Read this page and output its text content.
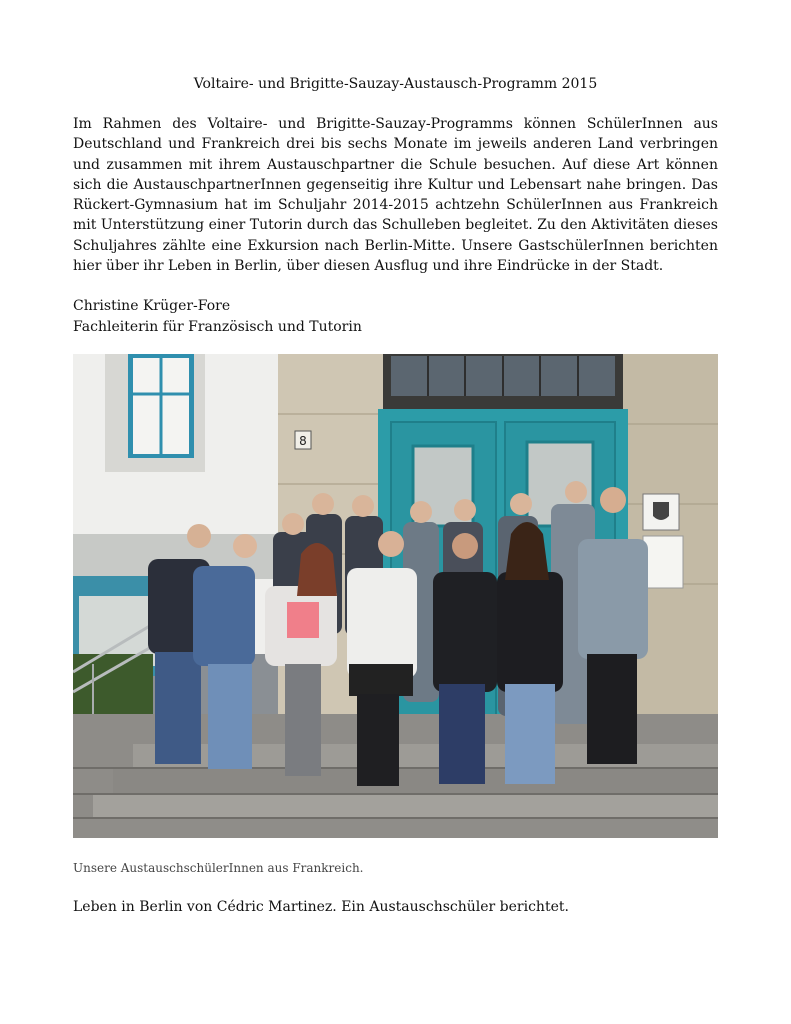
Voltaire- und Brigitte-Sauzay-Austausch-Programm 2015

Im Rahmen des Voltaire- und Brigitte-Sauzay-Programms können SchülerInnen aus Deutschland und Frankreich drei bis sechs Monate im jeweils anderen Land verbringen und zusammen mit ihrem Austauschpartner die Schule besuchen. Auf diese Art können sich die AustauschpartnerInnen gegenseitig ihre Kultur und Lebensart nahe bringen. Das Rückert-Gymnasium hat im Schuljahr 2014-2015 achtzehn SchülerInnen aus Frankreich mit Unterstützung einer Tutorin durch das Schulleben begleitet. Zu den Aktivitäten dieses Schuljahres zählte eine Exkursion nach Berlin-Mitte. Unsere GastschülerInnen berichten hier über ihr Leben in Berlin, über diesen Ausflug und ihre Eindrücke in der Stadt.

Christine Krüger-Fore
Fachleiterin für Französisch und Tutorin
8
Unsere AustauschschülerInnen aus Frankreich.
Leben in Berlin von Cédric Martinez. Ein Austauschschüler berichtet.
